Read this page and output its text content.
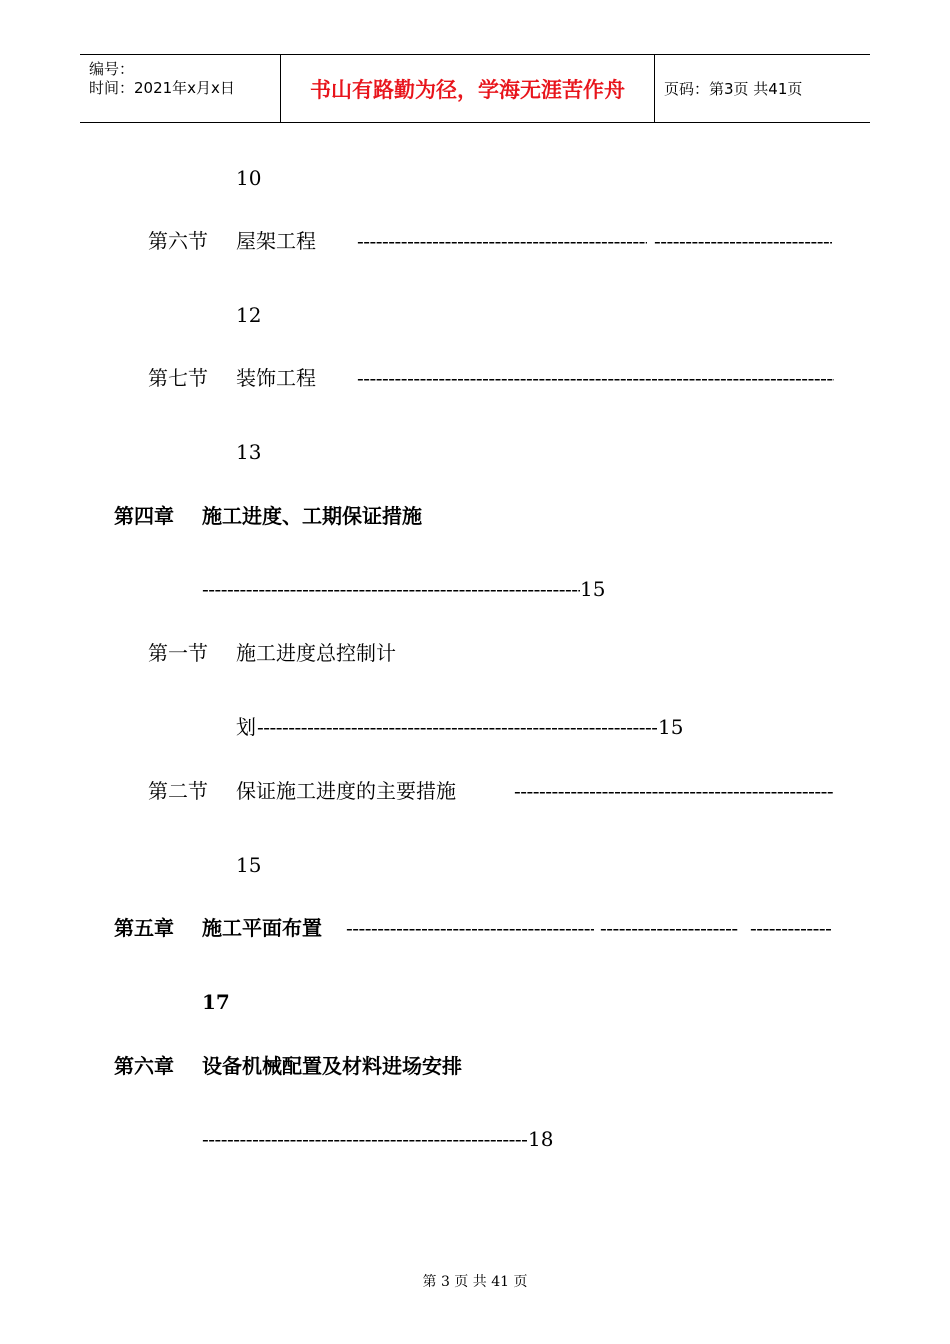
编号：
时间：2021年x月x日	书山有路勤为径，学海无涯苦作舟	页码：第3页 共41页
10
第六节 屋架工程
-----
-----
12
第七节 装饰工程
-----
13
第四章 施工进度、工期保证措施
-----
15
第一节 施工进度总控制计
划
-----	15
第二节 保证施工进度的主要措施
-----
15
第五章 施工平面布置
-----
-----
-----
17
第六章 设备机械配置及材料进场安排
-----
18
第 3 页 共 41 页
